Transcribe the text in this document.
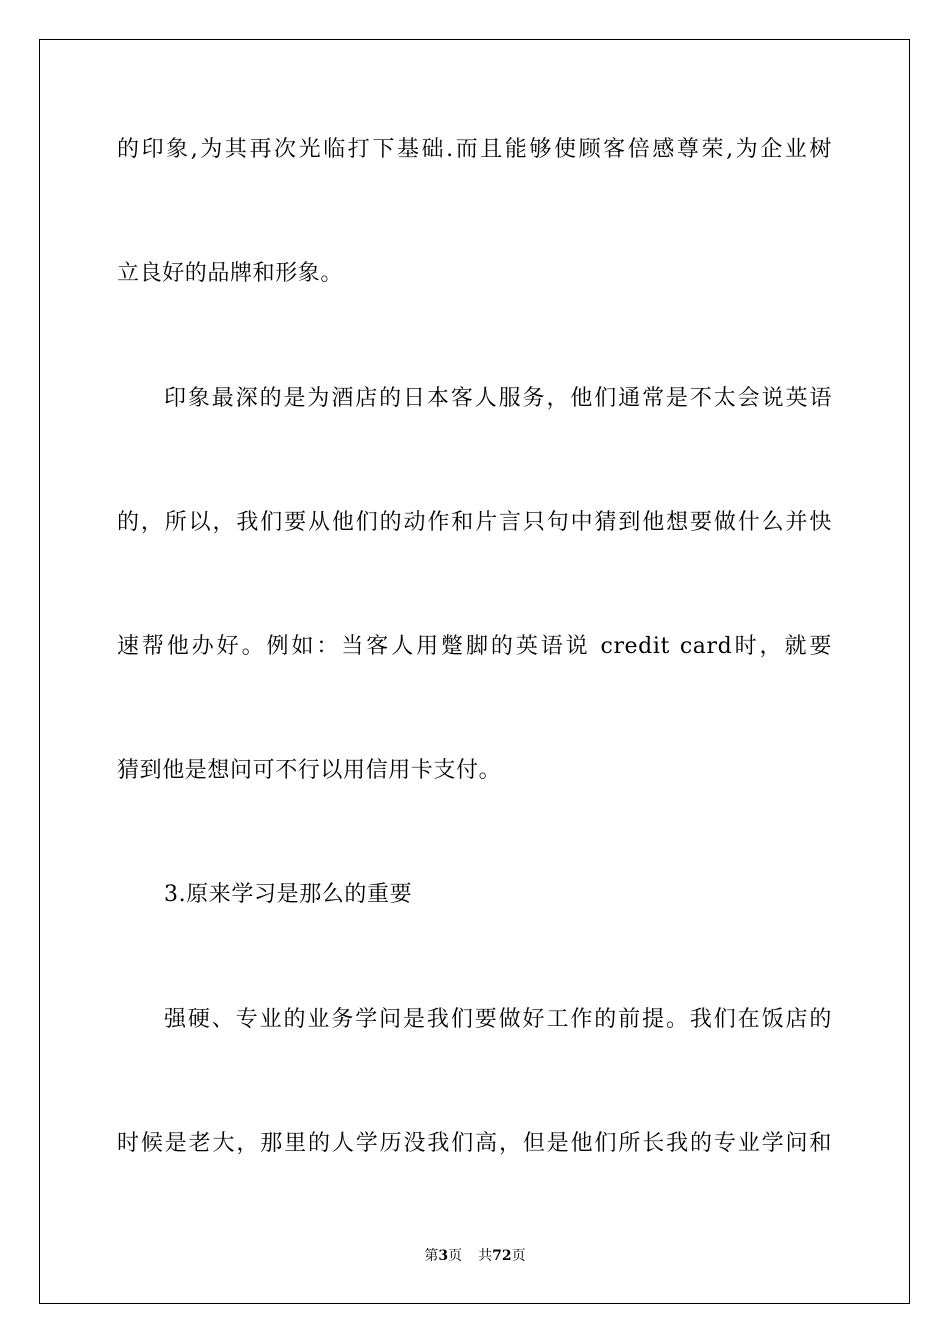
的印象,为其再次光临打下基础.而且能够使顾客倍感尊荣,为企业树
立良好的品牌和形象。
印象最深的是为酒店的日本客人服务，他们通常是不太会说英语
的，所以，我们要从他们的动作和片言只句中猜到他想要做什么并快
速帮他办好。例如：当客人用蹩脚的英语说 credit card时，就要
猜到他是想问可不行以用信用卡支付。
3.原来学习是那么的重要
强硬、专业的业务学问是我们要做好工作的前提。我们在饭店的
时候是老大，那里的人学历没我们高，但是他们所长我的专业学问和
第3页 共72页
